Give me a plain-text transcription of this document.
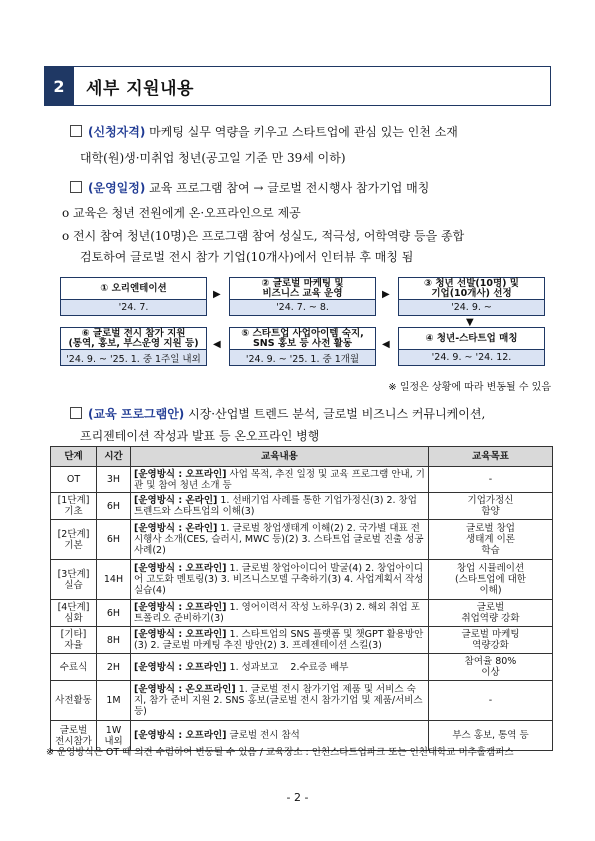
2	세부 지원내용
(신청자격) 마케팅 실무 역량을 키우고 스타트업에 관심 있는 인천 소재
대학(원)생·미취업 청년(공고일 기준 만 39세 이하)
(운영일정) 교육 프로그램 참여 → 글로벌 전시행사 참가기업 매칭
o 교육은 청년 전원에게 온·오프라인으로 제공
o 전시 참여 청년(10명)은 프로그램 참여 성실도, 적극성, 어학역량 등을 종합
검토하여 글로벌 전시 참가 기업(10개사)에서 인터뷰 후 매칭 됨
① 오리엔테이션
'24. 7.
▶
② 글로벌 마케팅 및
비즈니스 교육 운영
'24. 7. ~ 8.
▶
③ 청년 선발(10명) 및
기업(10개사) 선정
'24. 9. ~
▼
⑥ 글로벌 전시 참가 지원
(통역, 홍보, 부스운영 지원 등)
'24. 9. ~ '25. 1. 중 1주일 내외
◀
⑤ 스타트업 사업아이템 숙지,
SNS 홍보 등 사전 활동
'24. 9. ~ '25. 1. 중 1개월
◀
④ 청년-스타트업 매칭
'24. 9. ~ '24. 12.
※ 일정은 상황에 따라 변동될 수 있음
(교육 프로그램안) 시장·산업별 트렌드 분석, 글로벌 비즈니스 커뮤니케이션,
프리젠테이션 작성과 발표 등 온오프라인 병행
단계	시간	교육내용	교육목표
OT	3H	[운영방식 : 오프라인] 사업 목적, 추진 일정 및 교육 프로그램 안내, 기관 및 참여 청년 소개 등	-
[1단계]
기초	6H	[운영방식 : 온라인] 1. 선배기업 사례를 통한 기업가정신(3) 2. 창업트렌드와 스타트업의 이해(3)	기업가정신
함양
[2단계]
기본	6H	[운영방식 : 온라인] 1. 글로벌 창업생태계 이해(2) 2. 국가별 대표 전시행사 소개(CES, 슬러시, MWC 등)(2) 3. 스타트업 글로벌 진출 성공 사례(2)	글로벌 창업
생태계 이론
학습
[3단계]
실습	14H	[운영방식 : 오프라인] 1. 글로벌 창업아이디어 발굴(4) 2. 창업아이디어 고도화 멘토링(3) 3. 비즈니스모델 구축하기(3) 4. 사업계획서 작성 실습(4)	창업 시뮬레이션
(스타트업에 대한
이해)
[4단계]
심화	6H	[운영방식 : 오프라인] 1. 영어이력서 작성 노하우(3) 2. 해외 취업 포트폴리오 준비하기(3)	글로벌
취업역량 강화
[기타]
자율	8H	[운영방식 : 오프라인] 1. 스타트업의 SNS 플랫폼 및 챗GPT 활용방안(3) 2. 글로벌 마케팅 추진 방안(2) 3. 프레젠테이션 스킬(3)	글로벌 마케팅
역량강화
수료식	2H	[운영방식 : 오프라인] 1. 성과보고    2.수료증 배부	참여율 80%
이상
사전활동	1M	[운영방식 : 온오프라인] 1. 글로벌 전시 참가기업 제품 및 서비스 숙지, 참가 준비 지원 2. SNS 홍보(글로벌 전시 참가기업 및 제품/서비스 등)	-
글로벌
전시참가	1W
내외	[운영방식 : 오프라인] 글로벌 전시 참석	부스 홍보, 통역 등
※ 운영방식은 OT 때 의견 수렴하여 변동될 수 있음 / 교육장소 : 인천스타트업파크 또는 인천대학교 미추홀캠퍼스
- 2 -
